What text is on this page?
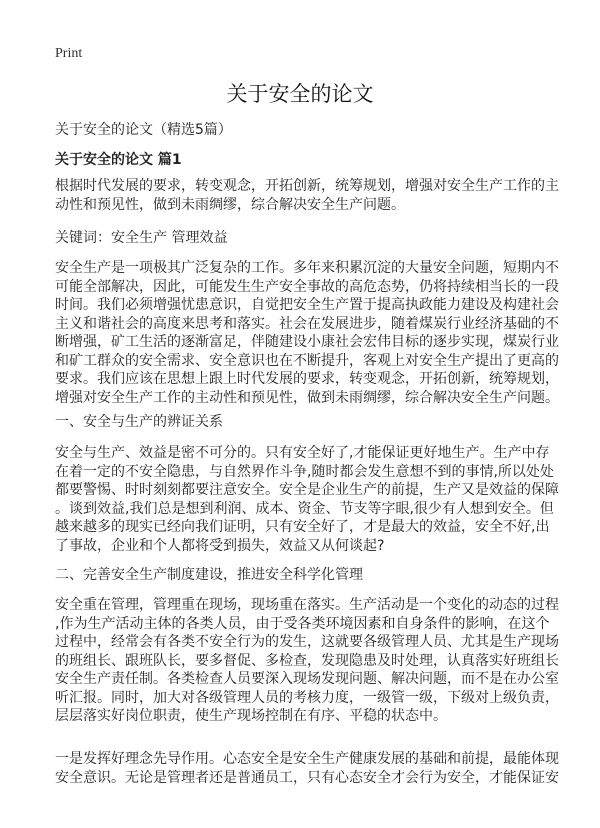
Print
关于安全的论文
关于安全的论文（精选5篇）
关于安全的论文 篇1
根据时代发展的要求，转变观念，开拓创新，统筹规划，增强对安全生产工作的主
动性和预见性，做到未雨绸缪，综合解决安全生产问题。
关键词：安全生产 管理效益
安全生产是一项极其广泛复杂的工作。多年来积累沉淀的大量安全问题，短期内不
可能全部解决，因此，可能发生生产安全事故的高危态势，仍将持续相当长的一段
时间。我们必须增强忧患意识，自觉把安全生产置于提高执政能力建设及构建社会
主义和谐社会的高度来思考和落实。社会在发展进步，随着煤炭行业经济基础的不
断增强，矿工生活的逐渐富足，伴随建设小康社会宏伟目标的逐步实现，煤炭行业
和矿工群众的安全需求、安全意识也在不断提升，客观上对安全生产提出了更高的
要求。我们应该在思想上跟上时代发展的要求，转变观念，开拓创新，统筹规划，
增强对安全生产工作的主动性和预见性，做到未雨绸缪，综合解决安全生产问题。
一、安全与生产的辨证关系
安全与生产、效益是密不可分的。只有安全好了,才能保证更好地生产。生产中存
在着一定的不安全隐患，与自然界作斗争,随时都会发生意想不到的事情,所以处处
都要警惕、时时刻刻都要注意安全。安全是企业生产的前提，生产又是效益的保障
。谈到效益,我们总是想到利润、成本、资金、节支等字眼,很少有人想到安全。但
越来越多的现实已经向我们证明，只有安全好了，才是最大的效益，安全不好,出
了事故，企业和个人都将受到损失，效益又从何谈起?
二、完善安全生产制度建设，推进安全科学化管理
安全重在管理，管理重在现场，现场重在落实。生产活动是一个变化的动态的过程
,作为生产活动主体的各类人员，由于受各类环境因素和自身条件的影响，在这个
过程中，经常会有各类不安全行为的发生，这就要各级管理人员、尤其是生产现场
的班组长、跟班队长，要多督促、多检查，发现隐患及时处理，认真落实好班组长
安全生产责任制。各类检查人员要深入现场发现问题、解决问题，而不是在办公室
听汇报。同时，加大对各级管理人员的考核力度，一级管一级，下级对上级负责，
层层落实好岗位职责，使生产现场控制在有序、平稳的状态中。
一是发挥好理念先导作用。心态安全是安全生产健康发展的基础和前提，最能体现
安全意识。无论是管理者还是普通员工，只有心态安全才会行为安全，才能保证安
